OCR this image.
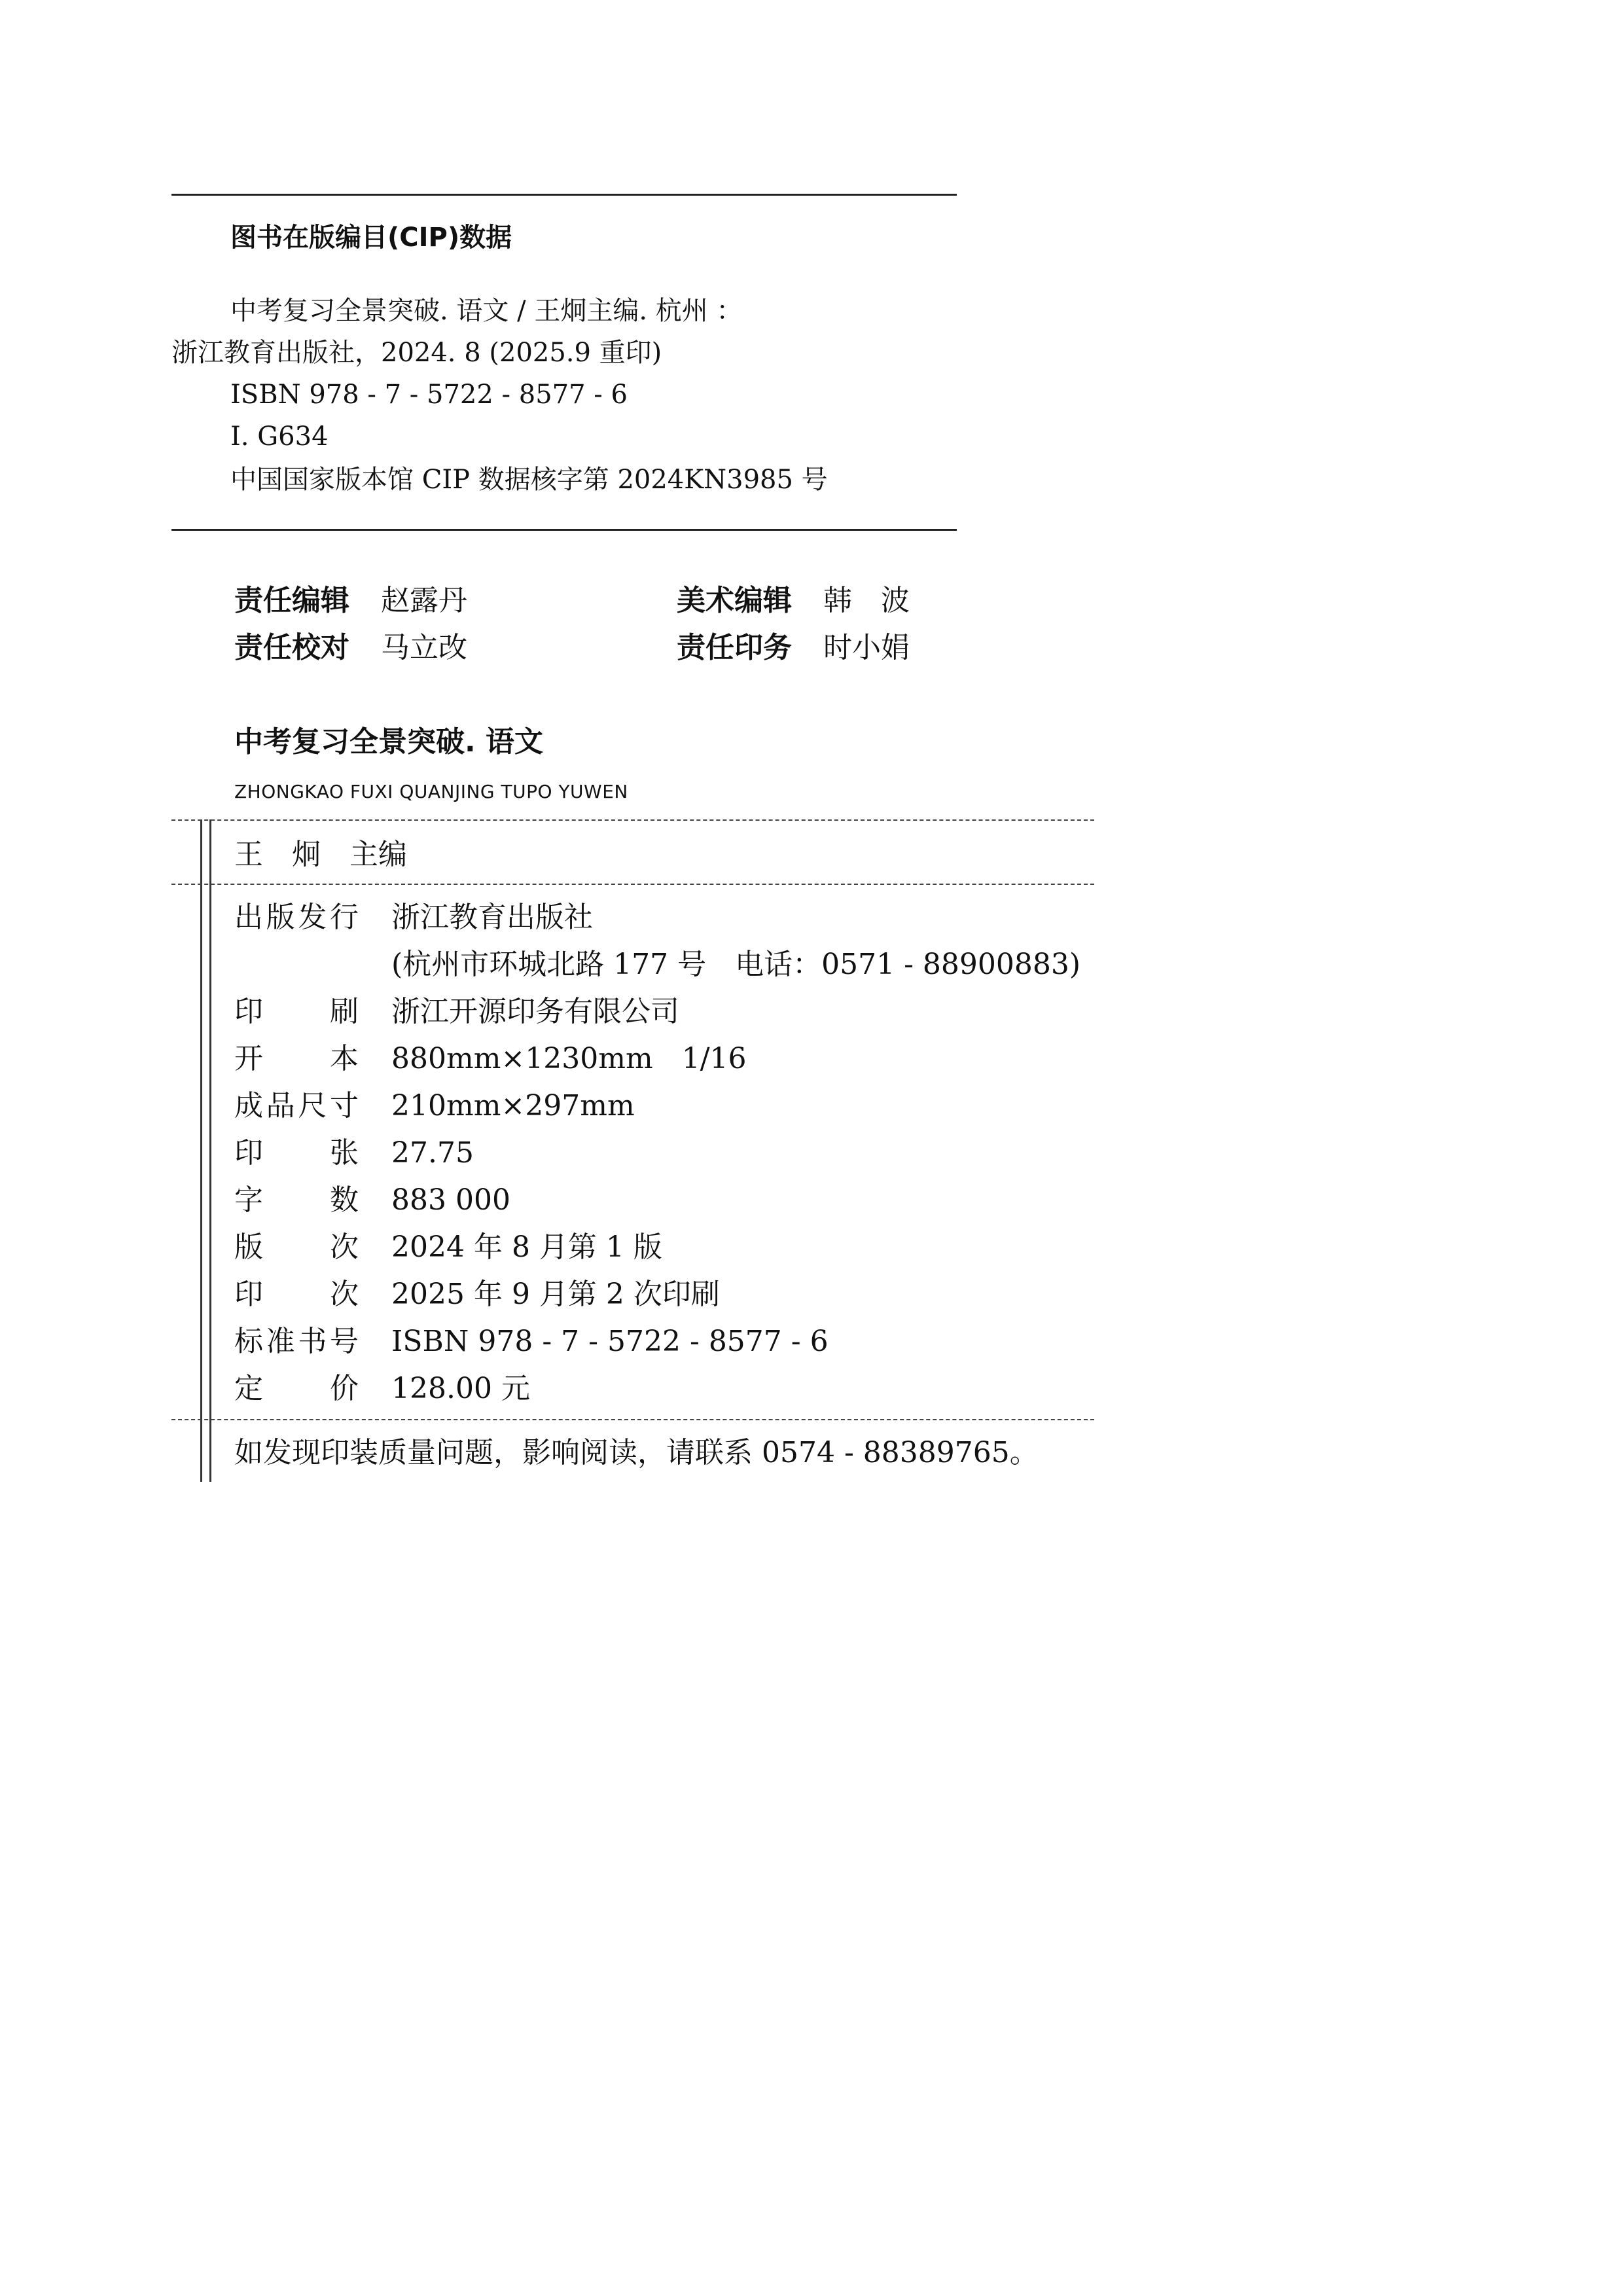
图书在版编目(CIP)数据
中考复习全景突破. 语文 / 王炯主编. 杭州 ：
浙江教育出版社，2024. 8 (2025.9 重印)
ISBN 978 - 7 - 5722 - 8577 - 6
Ⅰ. G634
中国国家版本馆 CIP 数据核字第 2024KN3985 号
责任编辑 赵露丹
责任校对 马立改
美术编辑 韩　波
责任印务 时小娟
中考复习全景突破. 语文
ZHONGKAO FUXI QUANJING TUPO YUWEN
王　炯　主编
出版发行 浙江教育出版社
(杭州市环城北路 177 号　电话：0571 - 88900883)
印　　刷 浙江开源印务有限公司
开　　本 880mm×1230mm　1/16
成品尺寸 210mm×297mm
印　　张 27.75
字　　数 883 000
版　　次 2024 年 8 月第 1 版
印　　次 2025 年 9 月第 2 次印刷
标准书号 ISBN 978 - 7 - 5722 - 8577 - 6
定　　价 128.00 元
如发现印装质量问题，影响阅读，请联系 0574 - 88389765。
